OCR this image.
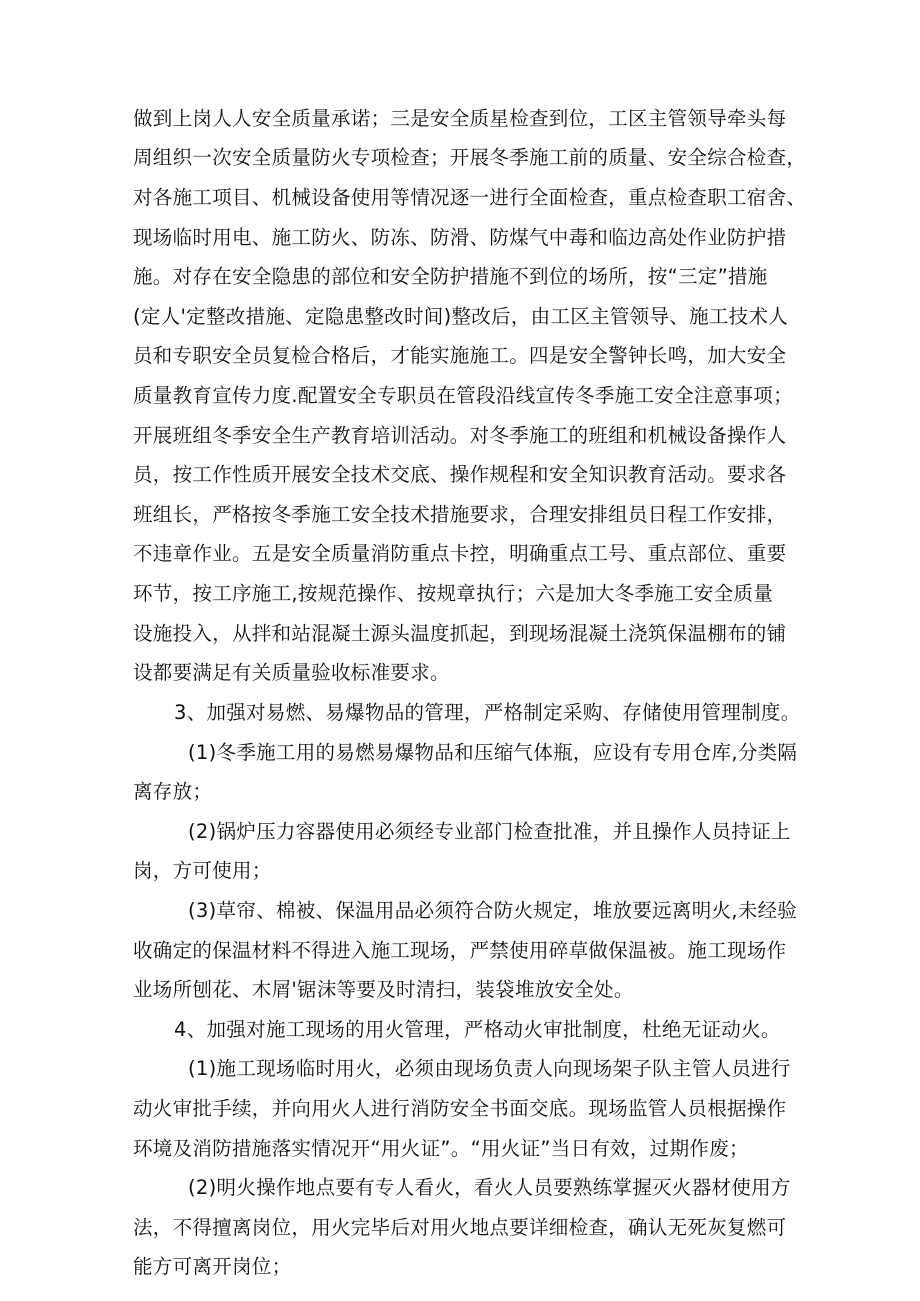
做到上岗人人安全质量承诺；三是安全质星检查到位，工区主管领导牵头每
周组织一次安全质量防火专项检查；开展冬季施工前的质量、安全综合检查，
对各施工项目、机械设备使用等情况逐一进行全面检查，重点检查职工宿舍、
现场临时用电、施工防火、防冻、防滑、防煤气中毒和临边高处作业防护措
施。对存在安全隐患的部位和安全防护措施不到位的场所，按“三定”措施
(定人'定整改措施、定隐患整改时间)整改后，由工区主管领导、施工技术人
员和专职安全员复检合格后，才能实施施工。四是安全警钟长鸣，加大安全
质量教育宣传力度.配置安全专职员在管段沿线宣传冬季施工安全注意事项；
开展班组冬季安全生产教育培训活动。对冬季施工的班组和机械设备操作人
员，按工作性质开展安全技术交底、操作规程和安全知识教育活动。要求各
班组长，严格按冬季施工安全技术措施要求，合理安排组员日程工作安排，
不违章作业。五是安全质量消防重点卡控，明确重点工号、重点部位、重要
环节，按工序施工,按规范操作、按规章执行；六是加大冬季施工安全质量
设施投入，从拌和站混凝土源头温度抓起，到现场混凝土浇筑保温棚布的铺
设都要满足有关质量验收标准要求。
3、加强对易燃、易爆物品的管理，严格制定采购、存储使用管理制度。
(1)冬季施工用的易燃易爆物品和压缩气体瓶，应设有专用仓库,分类隔
离存放；
(2)锅炉压力容器使用必须经专业部门检查批准，并且操作人员持证上
岗，方可使用；
(3)草帘、棉被、保温用品必须符合防火规定，堆放要远离明火,未经验
收确定的保温材料不得进入施工现场，严禁使用碎草做保温被。施工现场作
业场所刨花、木屑'锯沫等要及时清扫，装袋堆放安全处。
4、加强对施工现场的用火管理，严格动火审批制度，杜绝无证动火。
(1)施工现场临时用火，必须由现场负责人向现场架子队主管人员进行
动火审批手续，并向用火人进行消防安全书面交底。现场监管人员根据操作
环境及消防措施落实情况开“用火证”。“用火证”当日有效，过期作废；
(2)明火操作地点要有专人看火，看火人员要熟练掌握灭火器材使用方
法，不得擅离岗位，用火完毕后对用火地点要详细检查，确认无死灰复燃可
能方可离开岗位；
